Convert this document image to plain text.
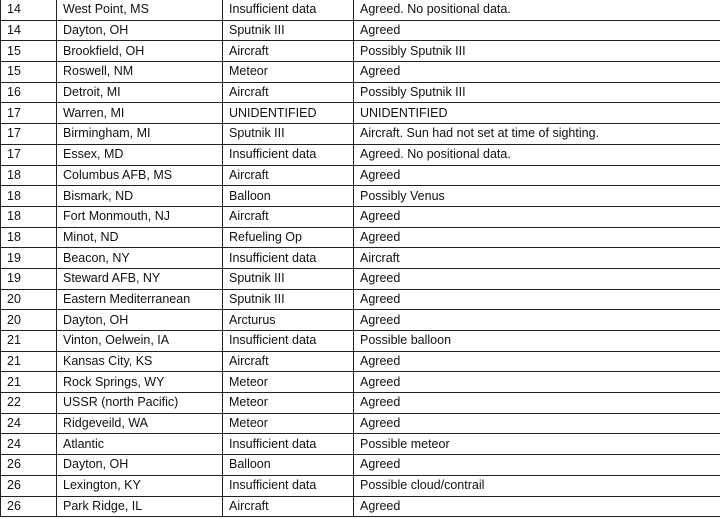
14	West Point, MS	Insufficient data	Agreed. No positional data.
14	Dayton, OH	Sputnik III	Agreed
15	Brookfield, OH	Aircraft	Possibly Sputnik III
15	Roswell, NM	Meteor	Agreed
16	Detroit, MI	Aircraft	Possibly Sputnik III
17	Warren, MI	UNIDENTIFIED	UNIDENTIFIED
17	Birmingham, MI	Sputnik III	Aircraft. Sun had not set at time of sighting.
17	Essex, MD	Insufficient data	Agreed. No positional data.
18	Columbus AFB, MS	Aircraft	Agreed
18	Bismark, ND	Balloon	Possibly Venus
18	Fort Monmouth, NJ	Aircraft	Agreed
18	Minot, ND	Refueling Op	Agreed
19	Beacon, NY	Insufficient data	Aircraft
19	Steward AFB, NY	Sputnik III	Agreed
20	Eastern Mediterranean	Sputnik III	Agreed
20	Dayton, OH	Arcturus	Agreed
21	Vinton, Oelwein, IA	Insufficient data	Possible balloon
21	Kansas City, KS	Aircraft	Agreed
21	Rock Springs, WY	Meteor	Agreed
22	USSR (north Pacific)	Meteor	Agreed
24	Ridgeveild, WA	Meteor	Agreed
24	Atlantic	Insufficient data	Possible meteor
26	Dayton, OH	Balloon	Agreed
26	Lexington, KY	Insufficient data	Possible cloud/contrail
26	Park Ridge, IL	Aircraft	Agreed
